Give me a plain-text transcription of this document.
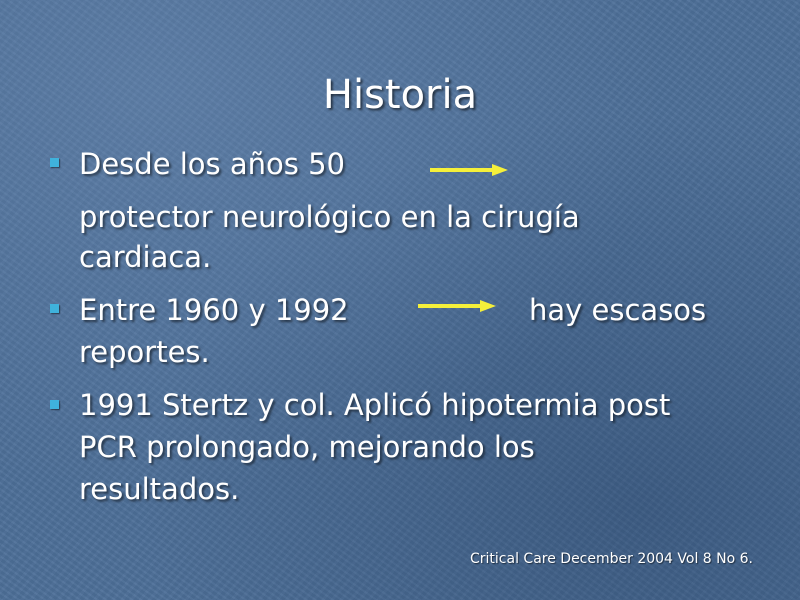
Historia
Desde los años 50
protector neurológico en la cirugía
cardiaca.
Entre 1960 y 1992	hay escasos
reportes.
1991 Stertz y col. Aplicó hipotermia post
PCR prolongado, mejorando los
resultados.
Critical Care December 2004 Vol 8 No 6.
